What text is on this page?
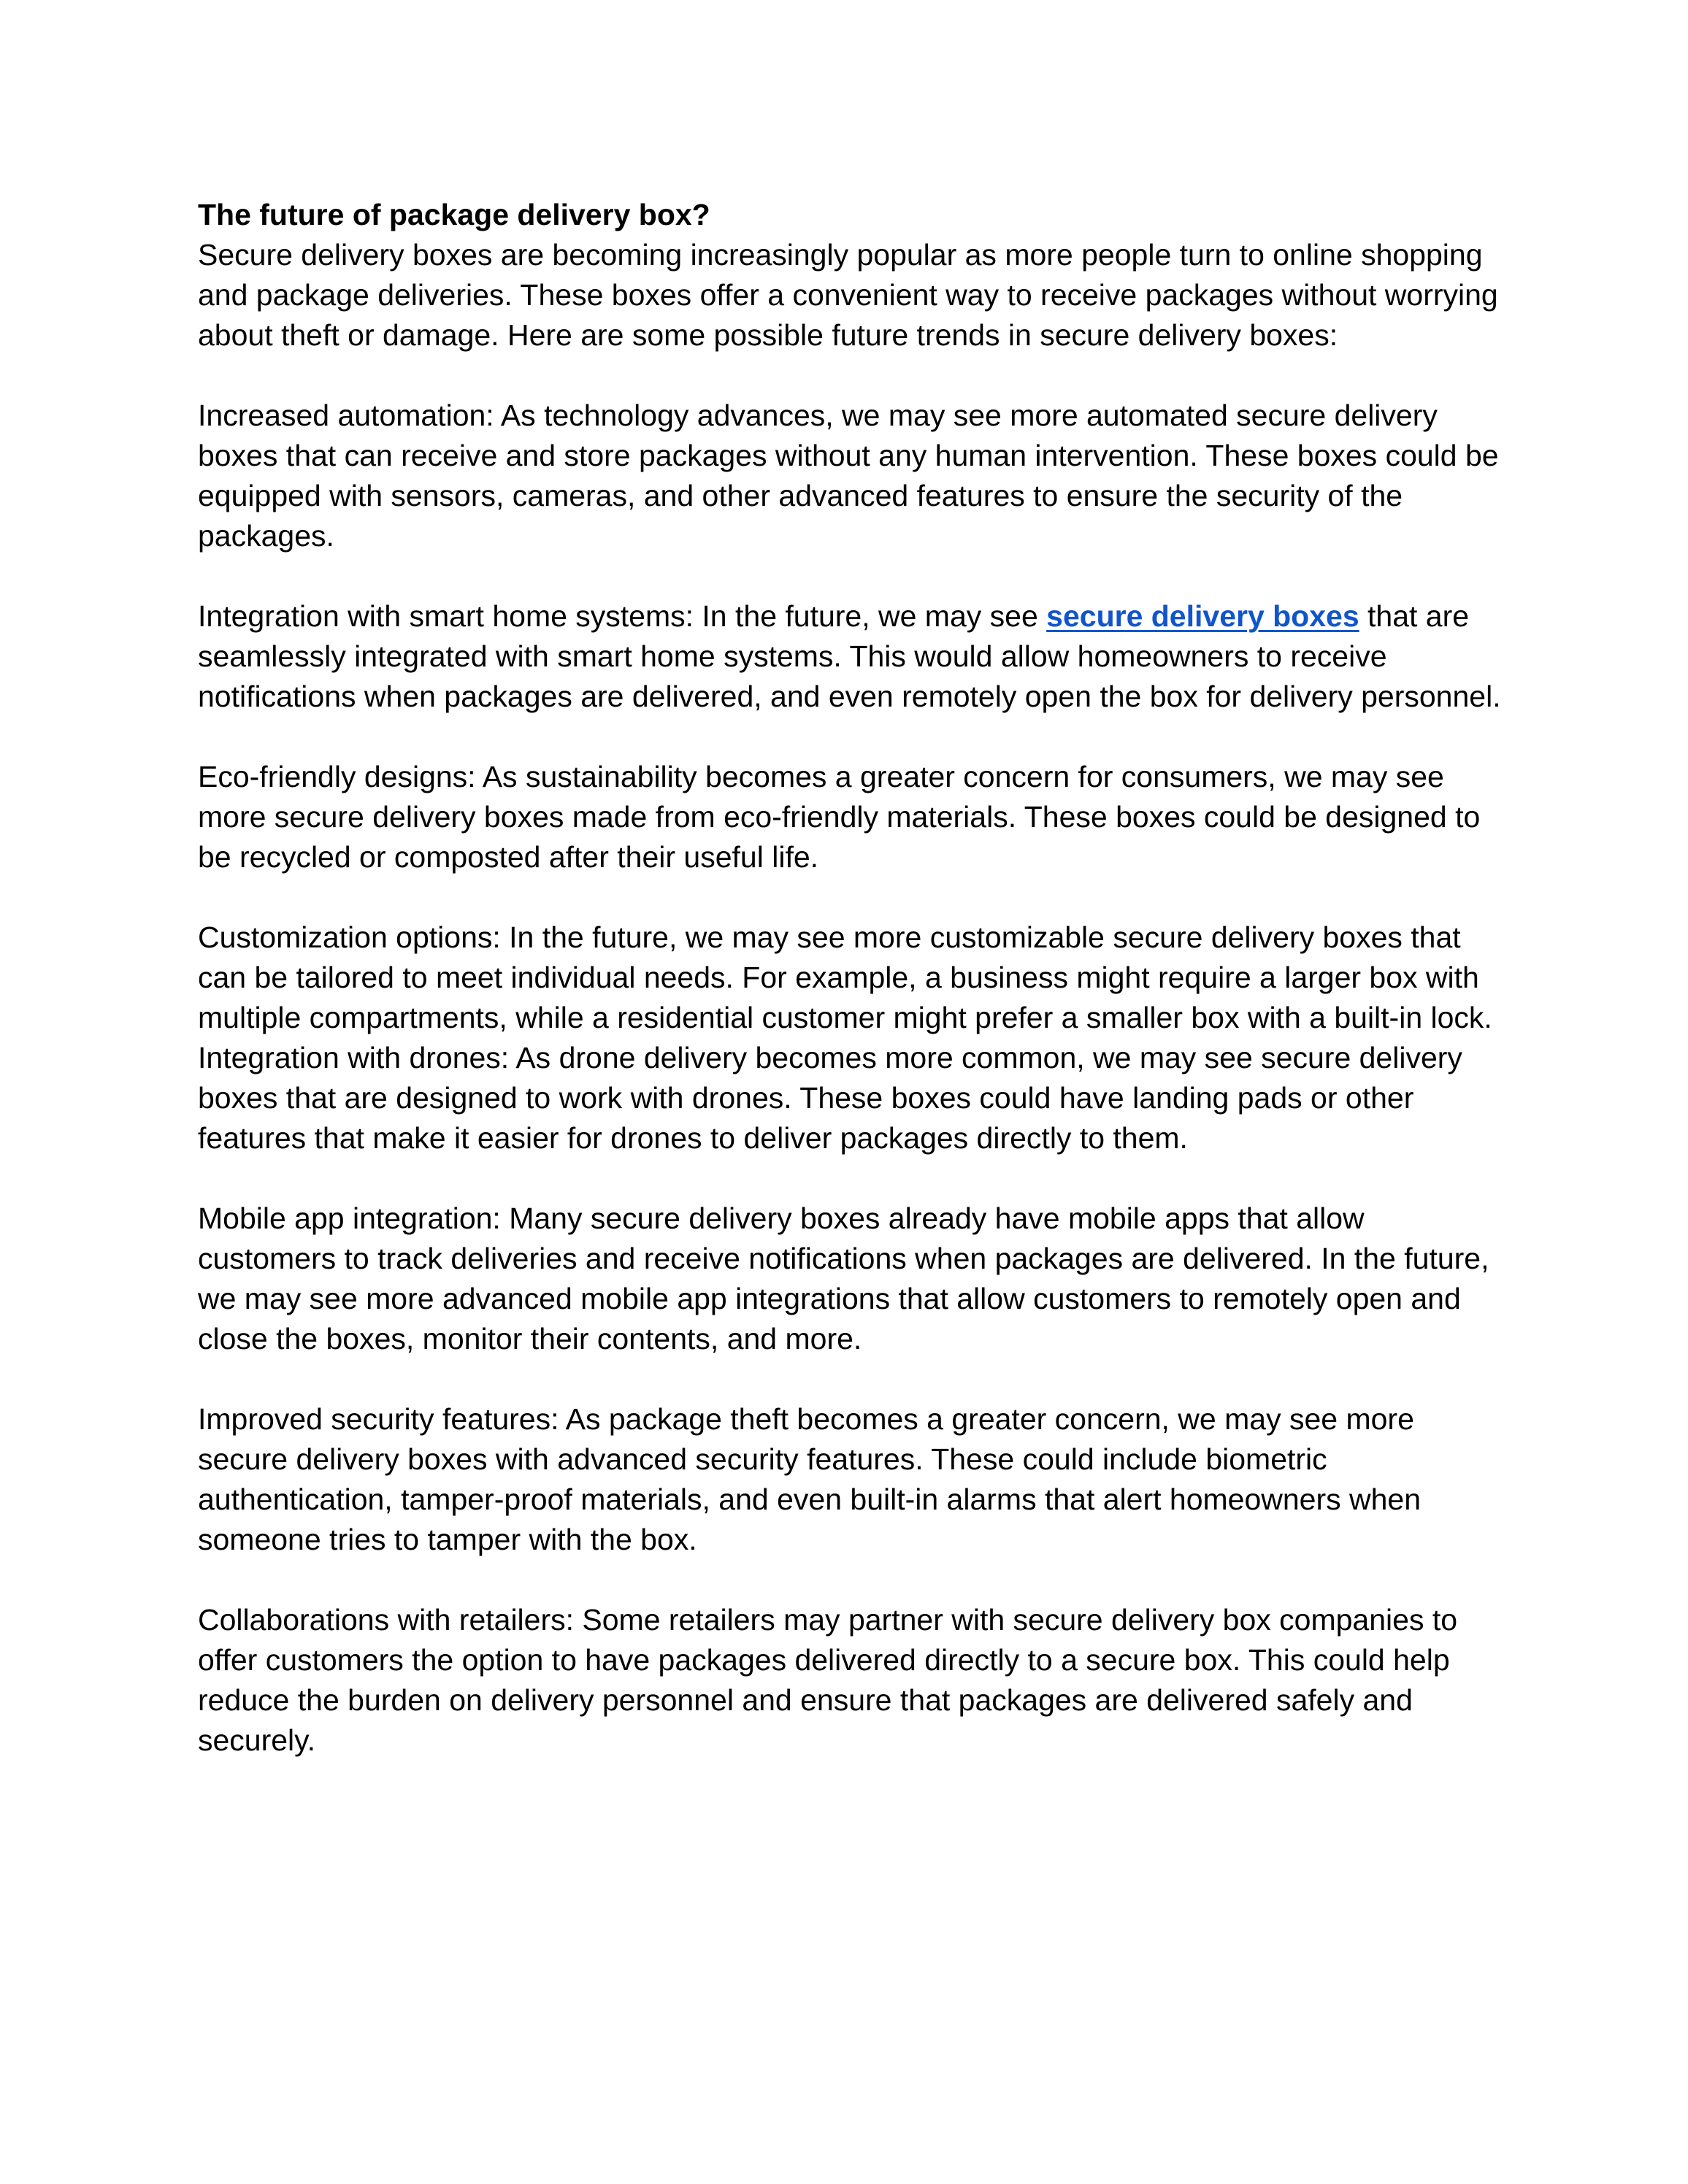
The future of package delivery box?

Secure delivery boxes are becoming increasingly popular as more people turn to online shopping and package deliveries. These boxes offer a convenient way to receive packages without worrying about theft or damage. Here are some possible future trends in secure delivery boxes:

Increased automation: As technology advances, we may see more automated secure delivery boxes that can receive and store packages without any human intervention. These boxes could be equipped with sensors, cameras, and other advanced features to ensure the security of the packages.

Integration with smart home systems: In the future, we may see secure delivery boxes that are seamlessly integrated with smart home systems. This would allow homeowners to receive notifications when packages are delivered, and even remotely open the box for delivery personnel.

Eco-friendly designs: As sustainability becomes a greater concern for consumers, we may see more secure delivery boxes made from eco-friendly materials. These boxes could be designed to be recycled or composted after their useful life.

Customization options: In the future, we may see more customizable secure delivery boxes that can be tailored to meet individual needs. For example, a business might require a larger box with multiple compartments, while a residential customer might prefer a smaller box with a built-in lock.

Integration with drones: As drone delivery becomes more common, we may see secure delivery boxes that are designed to work with drones. These boxes could have landing pads or other features that make it easier for drones to deliver packages directly to them.

Mobile app integration: Many secure delivery boxes already have mobile apps that allow customers to track deliveries and receive notifications when packages are delivered. In the future, we may see more advanced mobile app integrations that allow customers to remotely open and close the boxes, monitor their contents, and more.

Improved security features: As package theft becomes a greater concern, we may see more secure delivery boxes with advanced security features. These could include biometric authentication, tamper-proof materials, and even built-in alarms that alert homeowners when someone tries to tamper with the box.

Collaborations with retailers: Some retailers may partner with secure delivery box companies to offer customers the option to have packages delivered directly to a secure box. This could help reduce the burden on delivery personnel and ensure that packages are delivered safely and securely.
